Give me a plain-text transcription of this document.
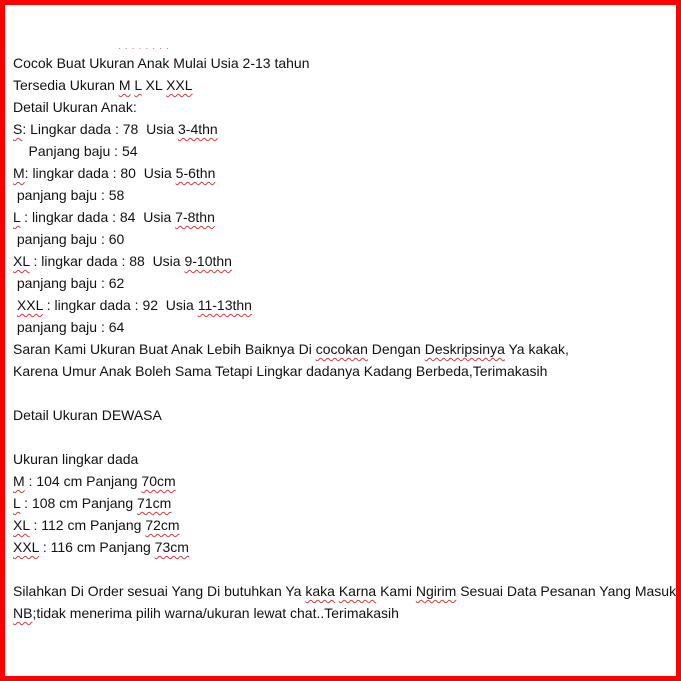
· · · · · · · ·
Cocok Buat Ukuran Anak Mulai Usia 2-13 tahun
Tersedia Ukuran M L XL XXL
Detail Ukuran Anak:
S: Lingkar dada : 78  Usia 3-4thn
Panjang baju : 54
M: lingkar dada : 80  Usia 5-6thn
panjang baju : 58
L : lingkar dada : 84  Usia 7-8thn
panjang baju : 60
XL : lingkar dada : 88  Usia 9-10thn
panjang baju : 62
XXL : lingkar dada : 92  Usia 11-13thn
panjang baju : 64
Saran Kami Ukuran Buat Anak Lebih Baiknya Di cocokan Dengan Deskripsinya Ya kakak,
Karena Umur Anak Boleh Sama Tetapi Lingkar dadanya Kadang Berbeda,Terimakasih
Detail Ukuran DEWASA
Ukuran lingkar dada
M : 104 cm Panjang 70cm
L : 108 cm Panjang 71cm
XL : 112 cm Panjang 72cm
XXL : 116 cm Panjang 73cm
Silahkan Di Order sesuai Yang Di butuhkan Ya kaka Karna Kami Ngirim Sesuai Data Pesanan Yang Masuk
NB;tidak menerima pilih warna/ukuran lewat chat..Terimakasih
